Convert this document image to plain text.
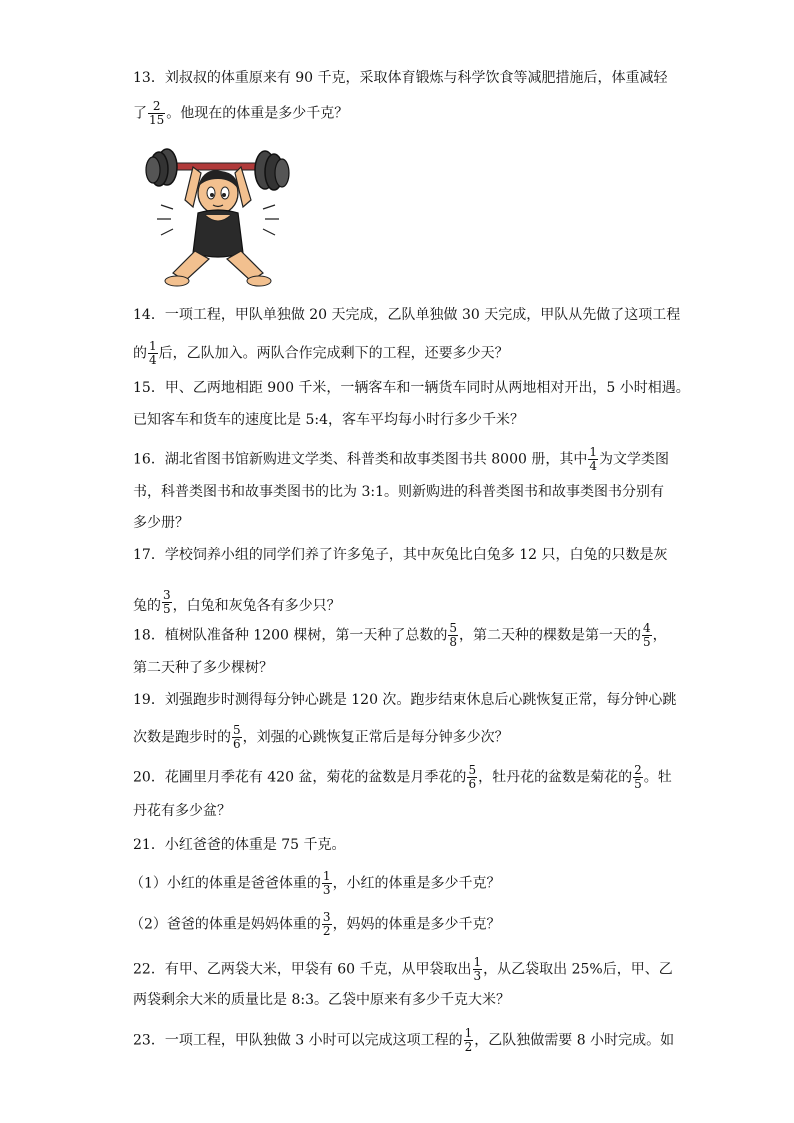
13．刘叔叔的体重原来有 90 千克，采取体育锻炼与科学饮食等减肥措施后，体重减轻
了 $\frac{2}{15}$ 。他现在的体重是多少千克？
14．一项工程，甲队单独做 20 天完成，乙队单独做 30 天完成，甲队从先做了这项工程
的 $\frac{1}{4}$ 后，乙队加入。两队合作完成剩下的工程，还要多少天？
15．甲、乙两地相距 900 千米，一辆客车和一辆货车同时从两地相对开出，5 小时相遇。
已知客车和货车的速度比是 5:4，客车平均每小时行多少千米？
16．湖北省图书馆新购进文学类、科普类和故事类图书共 8000 册，其中 $\frac{1}{4}$ 为文学类图
书，科普类图书和故事类图书的比为 3:1。则新购进的科普类图书和故事类图书分别有
多少册？
17．学校饲养小组的同学们养了许多兔子，其中灰兔比白兔多 12 只，白兔的只数是灰
兔的 $\frac{3}{5}$ ，白兔和灰兔各有多少只？
18．植树队准备种 1200 棵树，第一天种了总数的 $\frac{5}{8}$ ，第二天种的棵数是第一天的 $\frac{4}{5}$ ，
第二天种了多少棵树？
19．刘强跑步时测得每分钟心跳是 120 次。跑步结束休息后心跳恢复正常，每分钟心跳
次数是跑步时的 $\frac{5}{6}$ ，刘强的心跳恢复正常后是每分钟多少次？
20．花圃里月季花有 420 盆，菊花的盆数是月季花的 $\frac{5}{6}$ ，牡丹花的盆数是菊花的 $\frac{2}{5}$ 。牡
丹花有多少盆？
21．小红爸爸的体重是 75 千克。
（1）小红的体重是爸爸体重的 $\frac{1}{3}$ ，小红的体重是多少千克？
（2）爸爸的体重是妈妈体重的 $\frac{3}{2}$ ，妈妈的体重是多少千克？
22．有甲、乙两袋大米，甲袋有 60 千克，从甲袋取出 $\frac{1}{3}$ ，从乙袋取出 25%后，甲、乙
两袋剩余大米的质量比是 8:3。乙袋中原来有多少千克大米？
23．一项工程，甲队独做 3 小时可以完成这项工程的 $\frac{1}{2}$ ，乙队独做需要 8 小时完成。如
